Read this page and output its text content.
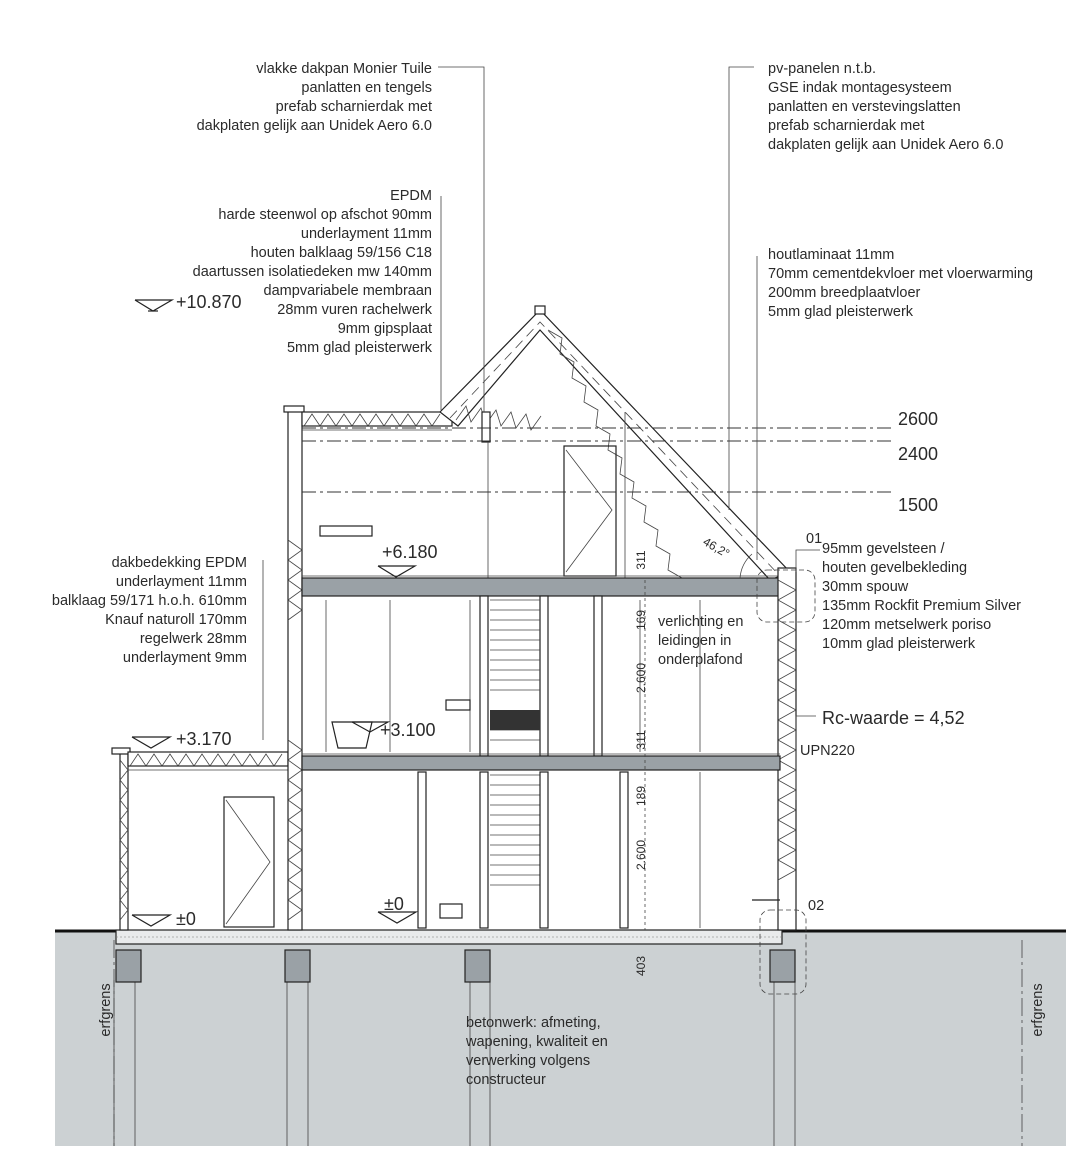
vlakke dakpan Monier Tuile
panlatten en tengels
prefab scharnierdak met
dakplaten gelijk aan Unidek Aero 6.0
pv-panelen n.t.b.
GSE indak montagesysteem
panlatten en verstevingslatten
prefab scharnierdak met
dakplaten gelijk aan Unidek Aero 6.0
EPDM
harde steenwol op afschot 90mm
underlayment 11mm
houten balklaag 59/156 C18
daartussen isolatiedeken mw 140mm
dampvariabele membraan
28mm vuren rachelwerk
9mm gipsplaat
5mm glad pleisterwerk
houtlaminaat 11mm
70mm cementdekvloer met vloerwarming
200mm breedplaatvloer
5mm glad pleisterwerk
dakbedekking EPDM
underlayment 11mm
balklaag 59/171 h.o.h. 610mm
Knauf naturoll 170mm
regelwerk 28mm
underlayment 9mm
95mm gevelsteen /
houten gevelbekleding
30mm spouw
135mm Rockfit Premium Silver
120mm metselwerk poriso
10mm glad pleisterwerk
verlichting en
leidingen in
onderplafond
betonwerk: afmeting,
wapening, kwaliteit en
verwerking volgens
constructeur
+10.870
+6.180
+3.170	+3.100
±0
±0
2600
2400
1500
311
169
2.600
311
189
2.600
403
46,2°	01
02
Rc-waarde = 4,52
UPN220
erfgrens	erfgrens
